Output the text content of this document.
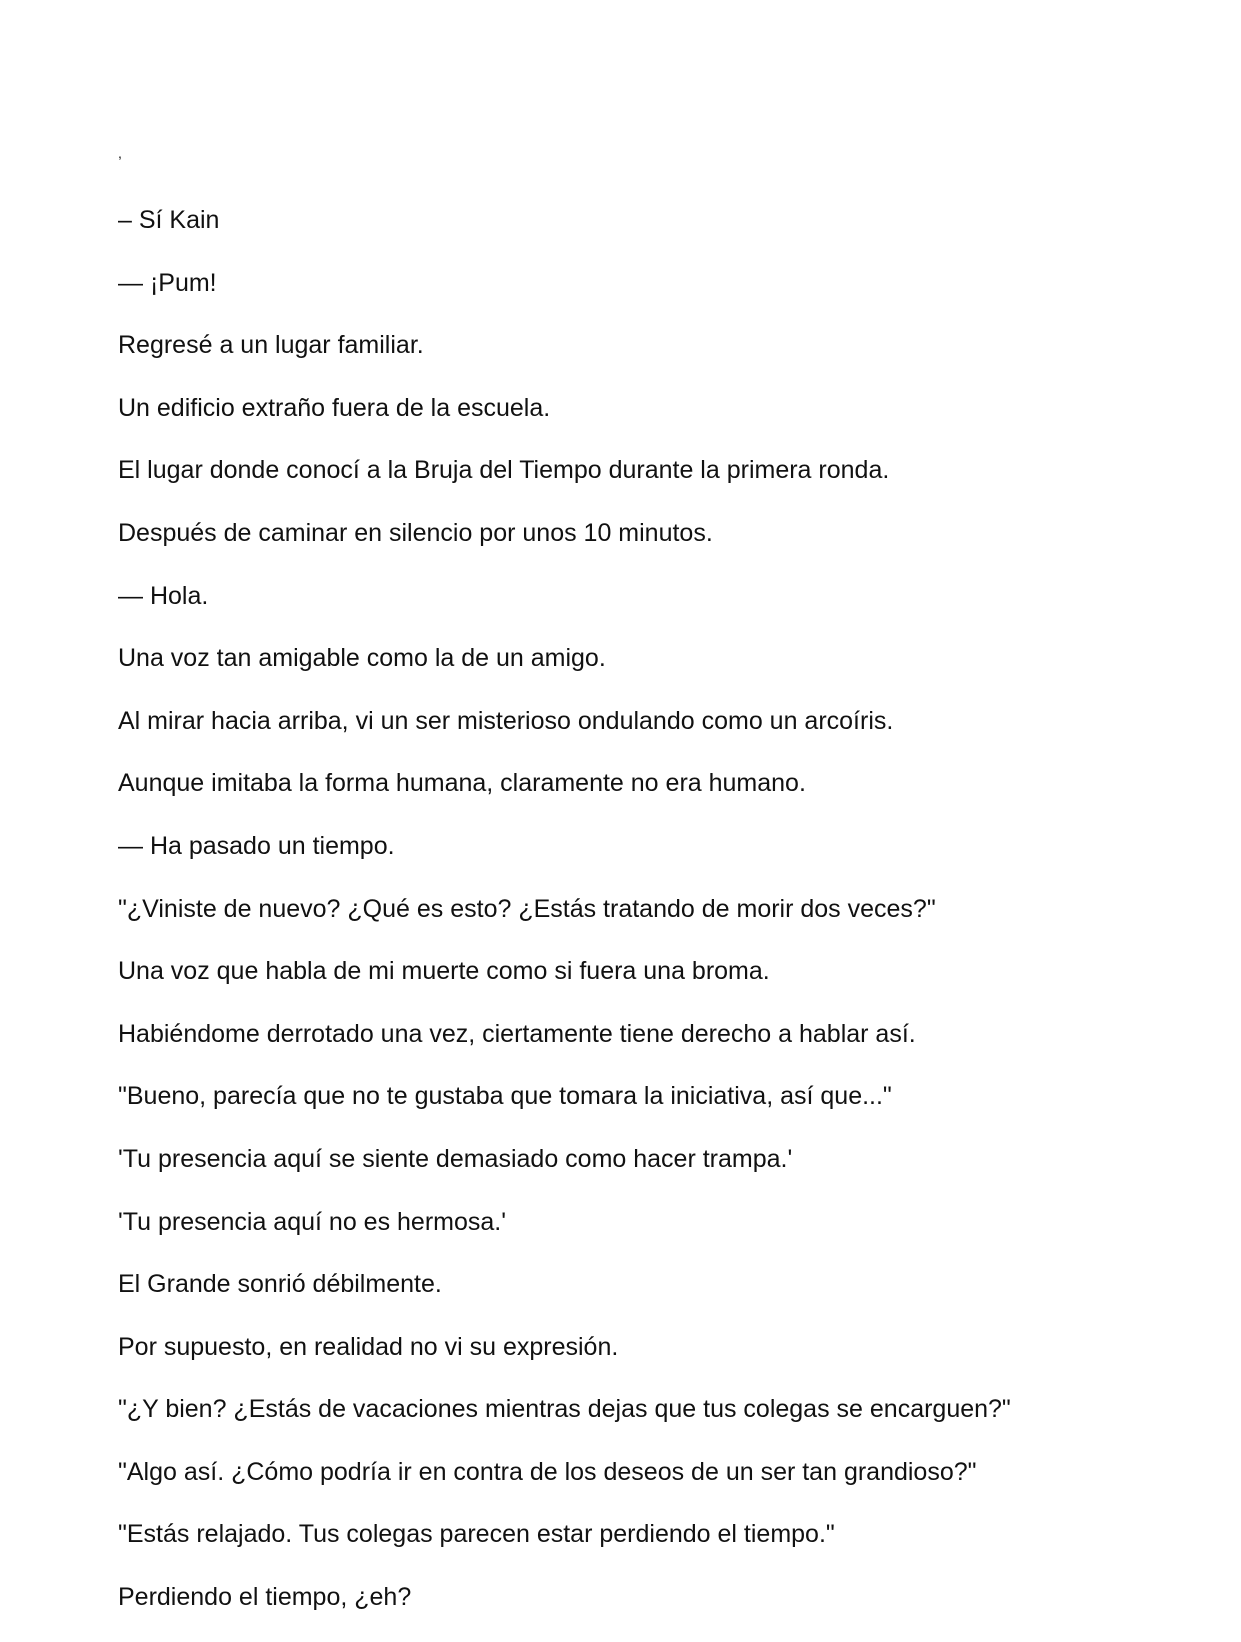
,
– Sí Kain
— ¡Pum!
Regresé a un lugar familiar.
Un edificio extraño fuera de la escuela.
El lugar donde conocí a la Bruja del Tiempo durante la primera ronda.
Después de caminar en silencio por unos 10 minutos.
— Hola.
Una voz tan amigable como la de un amigo.
Al mirar hacia arriba, vi un ser misterioso ondulando como un arcoíris.
Aunque imitaba la forma humana, claramente no era humano.
— Ha pasado un tiempo.
"¿Viniste de nuevo? ¿Qué es esto? ¿Estás tratando de morir dos veces?"
Una voz que habla de mi muerte como si fuera una broma.
Habiéndome derrotado una vez, ciertamente tiene derecho a hablar así.
"Bueno, parecía que no te gustaba que tomara la iniciativa, así que..."
'Tu presencia aquí se siente demasiado como hacer trampa.'
'Tu presencia aquí no es hermosa.'
El Grande sonrió débilmente.
Por supuesto, en realidad no vi su expresión.
"¿Y bien? ¿Estás de vacaciones mientras dejas que tus colegas se encarguen?"
"Algo así. ¿Cómo podría ir en contra de los deseos de un ser tan grandioso?"
"Estás relajado. Tus colegas parecen estar perdiendo el tiempo."
Perdiendo el tiempo, ¿eh?
